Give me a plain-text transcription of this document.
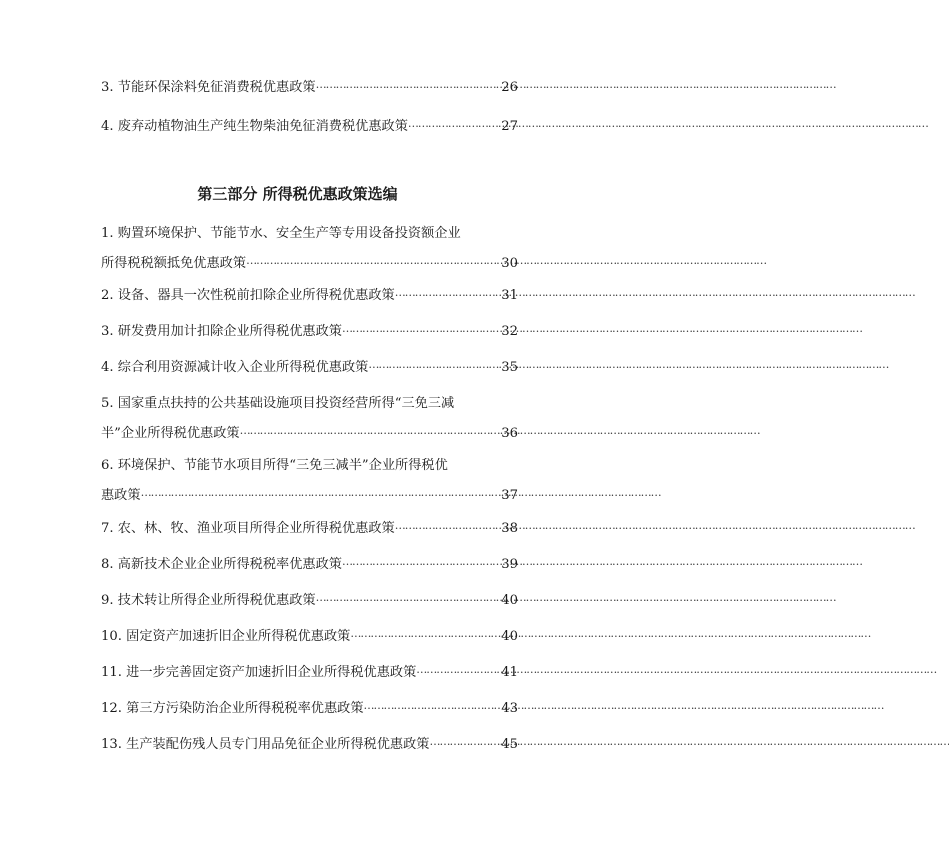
3. 节能环保涂料免征消费税优惠政策 …………………………………………………………………………………………………………………………………………	26
4. 废弃动植物油生产纯生物柴油免征消费税优惠政策 …………………………………………………………………………………………………………………………………………	27
第三部分 所得税优惠政策选编
1. 购置环境保护、节能节水、安全生产等专用设备投资额企业
所得税税额抵免优惠政策 …………………………………………………………………………………………………………………………………………	30
2. 设备、器具一次性税前扣除企业所得税优惠政策 …………………………………………………………………………………………………………………………………………	31
3. 研发费用加计扣除企业所得税优惠政策 …………………………………………………………………………………………………………………………………………	32
4. 综合利用资源减计收入企业所得税优惠政策 …………………………………………………………………………………………………………………………………………	35
5. 国家重点扶持的公共基础设施项目投资经营所得“三免三减
半”企业所得税优惠政策 …………………………………………………………………………………………………………………………………………	36
6. 环境保护、节能节水项目所得“三免三减半”企业所得税优
惠政策 …………………………………………………………………………………………………………………………………………	37
7. 农、林、牧、渔业项目所得企业所得税优惠政策 …………………………………………………………………………………………………………………………………………	38
8. 高新技术企业企业所得税税率优惠政策 …………………………………………………………………………………………………………………………………………	39
9. 技术转让所得企业所得税优惠政策 …………………………………………………………………………………………………………………………………………	40
10. 固定资产加速折旧企业所得税优惠政策 …………………………………………………………………………………………………………………………………………	40
11. 进一步完善固定资产加速折旧企业所得税优惠政策 …………………………………………………………………………………………………………………………………………	41
12. 第三方污染防治企业所得税税率优惠政策 …………………………………………………………………………………………………………………………………………	43
13. 生产装配伤残人员专门用品免征企业所得税优惠政策 …………………………………………………………………………………………………………………………………………	45
